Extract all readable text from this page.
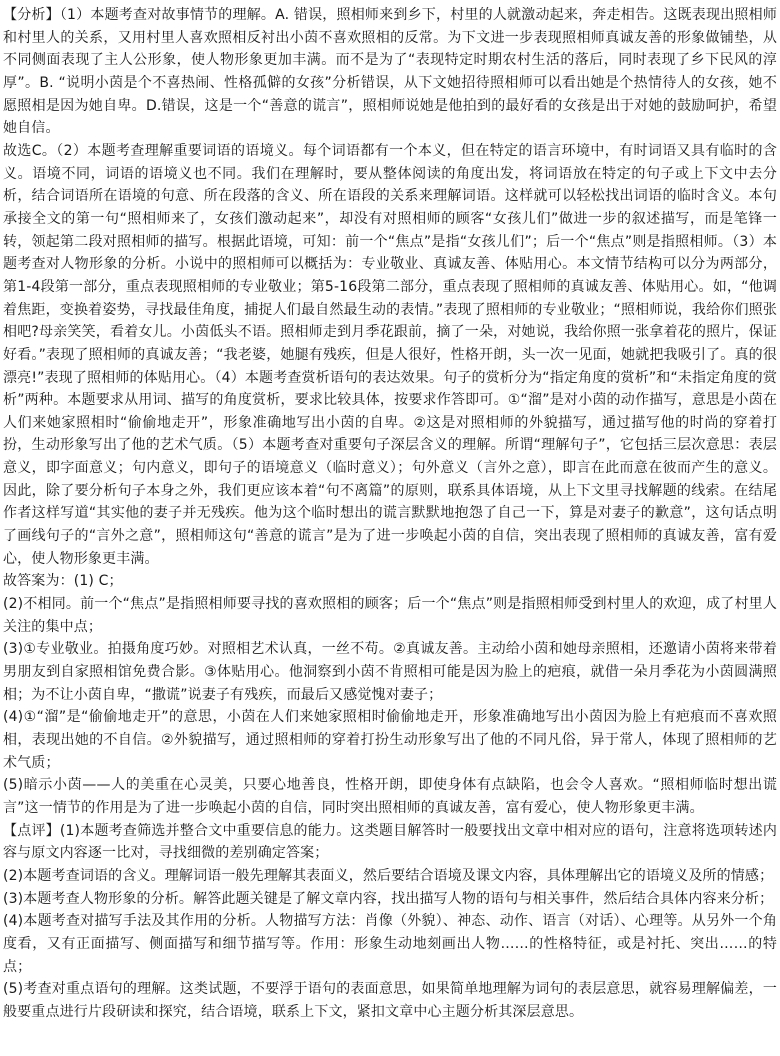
【分析】（1）本题考查对故事情节的理解。A. 错误，照相师来到乡下，村里的人就激动起来，奔走相告。这既表现出照相师和村里人的关系，又用村里人喜欢照相反衬出小茵不喜欢照相的反常。为下文进一步表现照相师真诚友善的形象做铺垫，从不同侧面表现了主人公形象，使人物形象更加丰满。而不是为了“表现特定时期农村生活的落后，同时表现了乡下民风的淳厚”。B. “说明小茵是个不喜热闹、性格孤僻的女孩”分析错误，从下文她招待照相师可以看出她是个热情待人的女孩，她不愿照相是因为她自卑。D.错误，这是一个“善意的谎言”，照相师说她是他拍到的最好看的女孩是出于对她的鼓励呵护，希望她自信。

故选C。（2）本题考查理解重要词语的语境义。每个词语都有一个本义，但在特定的语言环境中，有时词语又具有临时的含义。语境不同，词语的语境义也不同。我们在理解时，要从整体阅读的角度出发，将词语放在特定的句子或上下文中去分析，结合词语所在语境的句意、所在段落的含义、所在语段的关系来理解词语。这样就可以轻松找出词语的临时含义。本句承接全文的第一句“照相师来了，女孩们激动起来”，却没有对照相师的顾客“女孩儿们”做进一步的叙述描写，而是笔锋一转，领起第二段对照相师的描写。根据此语境，可知：前一个“焦点”是指“女孩儿们”；后一个“焦点”则是指照相师。（3）本题考查对人物形象的分析。小说中的照相师可以概括为：专业敬业、真诚友善、体贴用心。本文情节结构可以分为两部分，第1-4段第一部分，重点表现照相师的专业敬业；第5-16段第二部分，重点表现了照相师的真诚友善、体贴用心。如，“他调着焦距，变换着姿势，寻找最佳角度，捕捉人们最自然最生动的表情。”表现了照相师的专业敬业；“照相师说，我给你们照张相吧?母亲笑笑，看着女儿。小茵低头不语。照相师走到月季花跟前，摘了一朵，对她说，我给你照一张拿着花的照片，保证好看。”表现了照相师的真诚友善；“我老婆，她腿有残疾，但是人很好，性格开朗，头一次一见面，她就把我吸引了。真的很漂亮!”表现了照相师的体贴用心。（4）本题考查赏析语句的表达效果。句子的赏析分为“指定角度的赏析”和“未指定角度的赏析”两种。本题要求从用词、描写的角度赏析，要求比较具体，按要求作答即可。①“溜”是对小茵的动作描写，意思是小茵在人们来她家照相时“偷偷地走开”，形象准确地写出小茵的自卑。②这是对照相师的外貌描写，通过描写他的时尚的穿着打扮，生动形象写出了他的艺术气质。（5）本题考查对重要句子深层含义的理解。所谓“理解句子”，它包括三层次意思：表层意义，即字面意义；句内意义，即句子的语境意义（临时意义）；句外意义（言外之意），即言在此而意在彼而产生的意义。因此，除了要分析句子本身之外，我们更应该本着“句不离篇”的原则，联系具体语境，从上下文里寻找解题的线索。在结尾作者这样写道“其实他的妻子并无残疾。他为这个临时想出的谎言默默地抱怨了自己一下，算是对妻子的歉意”，这句话点明了画线句子的“言外之意”，照相师这句“善意的谎言”是为了进一步唤起小茵的自信，突出表现了照相师的真诚友善，富有爱心，使人物形象更丰满。

故答案为：(1) C；

(2)不相同。前一个“焦点”是指照相师要寻找的喜欢照相的顾客；后一个“焦点”则是指照相师受到村里人的欢迎，成了村里人关注的集中点；

(3)①专业敬业。拍摄角度巧妙。对照相艺术认真，一丝不苟。②真诚友善。主动给小茵和她母亲照相，还邀请小茵将来带着男朋友到自家照相馆免费合影。③体贴用心。他洞察到小茵不肯照相可能是因为脸上的疤痕，就借一朵月季花为小茵圆满照相；为不让小茵自卑，“撒谎”说妻子有残疾，而最后又感觉愧对妻子；

(4)①“溜”是“偷偷地走开”的意思，小茵在人们来她家照相时偷偷地走开，形象准确地写出小茵因为脸上有疤痕而不喜欢照相，表现出她的不自信。②外貌描写，通过照相师的穿着打扮生动形象写出了他的不同凡俗，异于常人，体现了照相师的艺术气质；

(5)暗示小茵——人的美重在心灵美，只要心地善良，性格开朗，即使身体有点缺陷，也会令人喜欢。“照相师临时想出谎言”这一情节的作用是为了进一步唤起小茵的自信，同时突出照相师的真诚友善，富有爱心，使人物形象更丰满。

【点评】(1)本题考查筛选并整合文中重要信息的能力。这类题目解答时一般要找出文章中相对应的语句，注意将选项转述内容与原文内容逐一比对，寻找细微的差别确定答案；

(2)本题考查词语的含义。理解词语一般先理解其表面义，然后要结合语境及课文内容，具体理解出它的语境义及所的情感；

(3)本题考查人物形象的分析。解答此题关键是了解文章内容，找出描写人物的语句与相关事件，然后结合具体内容来分析；

(4)本题考查对描写手法及其作用的分析。人物描写方法：肖像（外貌）、神态、动作、语言（对话）、心理等。从另外一个角度看，又有正面描写、侧面描写和细节描写等。作用：形象生动地刻画出人物……的性格特征，或是衬托、突出……的特点；

(5)考查对重点语句的理解。这类试题，不要浮于语句的表面意思，如果简单地理解为词句的表层意思，就容易理解偏差，一般要重点进行片段研读和探究，结合语境，联系上下文，紧扣文章中心主题分析其深层意思。
